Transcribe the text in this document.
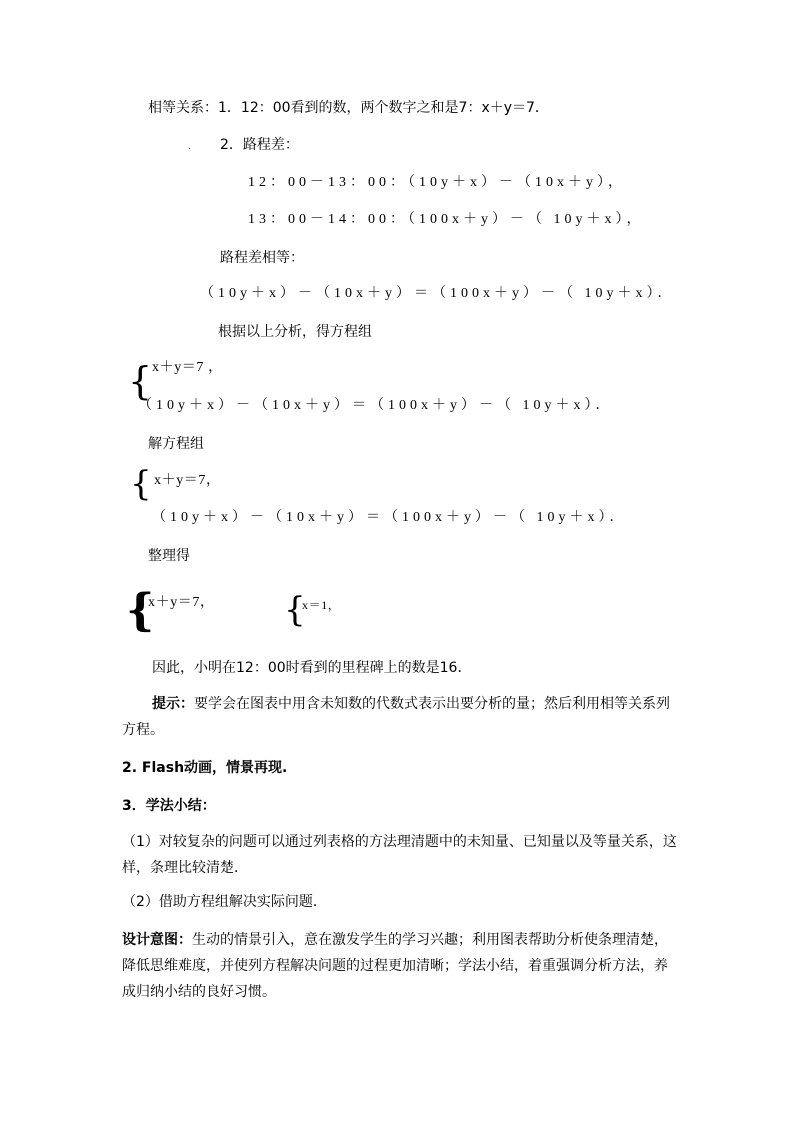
相等关系：1．12：00看到的数，两个数字之和是7：x＋y＝7．
. 2．路程差：
12：00－13：00：（10y＋x）－（10x＋y），
13：00－14：00：（100x＋y）－（ 10y＋x），
路程差相等：
（10y＋x）－（10x＋y）＝（100x＋y）－（ 10y＋x）．
根据以上分析，得方程组
{ x＋y＝7 ，
（10y＋x）－（10x＋y）＝（100x＋y）－（ 10y＋x）．
解方程组
{ x＋y＝7，
（10y＋x）－（10x＋y）＝（100x＋y）－（ 10y＋x）．
整理得
{
x＋y＝7， {
x＝1，
因此，小明在12：00时看到的里程碑上的数是16．
提示：要学会在图表中用含未知数的代数式表示出要分析的量；然后利用相等关系列方程。
2. Flash动画，情景再现.
3．学法小结：
（1）对较复杂的问题可以通过列表格的方法理清题中的未知量、已知量以及等量关系，这样，条理比较清楚．
（2）借助方程组解决实际问题．
设计意图：生动的情景引入，意在激发学生的学习兴趣；利用图表帮助分析使条理清楚，降低思维难度，并使列方程解决问题的过程更加清晰；学法小结，着重强调分析方法，养成归纳小结的良好习惯。
